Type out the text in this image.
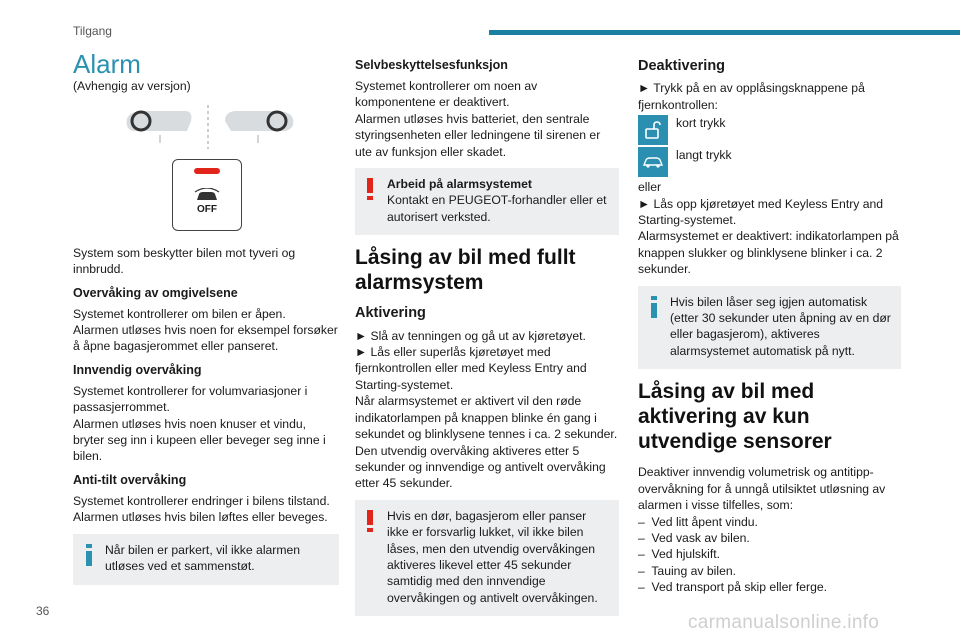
Tilgang
Alarm

(Avhengig av versjon)

OFF

System som beskytter bilen mot tyveri og innbrudd.

Overvåking av omgivelsene

Systemet kontrollerer om bilen er åpen.
Alarmen utløses hvis noen for eksempel forsøker å åpne bagasjerommet eller panseret.

Innvendig overvåking

Systemet kontrollerer for volumvariasjoner i passasjerrommet.
Alarmen utløses hvis noen knuser et vindu, bryter seg inn i kupeen eller beveger seg inne i bilen.

Anti-tilt overvåking

Systemet kontrollerer endringer i bilens tilstand.
Alarmen utløses hvis bilen løftes eller beveges.

Når bilen er parkert, vil ikke alarmen utløses ved et sammenstøt.
Selvbeskyttelsesfunksjon

Systemet kontrollerer om noen av komponentene er deaktivert.
Alarmen utløses hvis batteriet, den sentrale styringsenheten eller ledningene til sirenen er ute av funksjon eller skadet.

Arbeid på alarmsystemet
Kontakt en PEUGEOT-forhandler eller et autorisert verksted.
Låsing av bil med fullt alarmsystem
Aktivering

► Slå av tenningen og gå ut av kjøretøyet.
► Lås eller superlås kjøretøyet med fjernkontrollen eller med Keyless Entry and Starting-systemet.
Når alarmsystemet er aktivert vil den røde indikatorlampen på knappen blinke én gang i sekundet og blinklysene tennes i ca. 2 sekunder.
Den utvendig overvåking aktiveres etter 5 sekunder og innvendige og antivelt overvåking etter 45 sekunder.

Hvis en dør, bagasjerom eller panser ikke er forsvarlig lukket, vil ikke bilen låses, men den utvendig overvåkingen aktiveres likevel etter 45 sekunder samtidig med den innvendige overvåkingen og antivelt overvåkingen.
Deaktivering

► Trykk på en av opplåsingsknappene på fjernkontrollen:

kort trykk
langt trykk

eller
► Lås opp kjøretøyet med Keyless Entry and Starting-systemet.
Alarmsystemet er deaktivert: indikatorlampen på knappen slukker og blinklysene blinker i ca. 2 sekunder.

Hvis bilen låser seg igjen automatisk (etter 30 sekunder uten åpning av en dør eller bagasjerom), aktiveres alarmsystemet automatisk på nytt.
Låsing av bil med aktivering av kun utvendige sensorer

Deaktiver innvendig volumetrisk og antitipp-overvåkning for å unngå utilsiktet utløsning av alarmen i visse tilfelles, som:
–  Ved litt åpent vindu.
–  Ved vask av bilen.
–  Ved hjulskift.
–  Tauing av bilen.
–  Ved transport på skip eller ferge.

36
carmanualsonline.info
